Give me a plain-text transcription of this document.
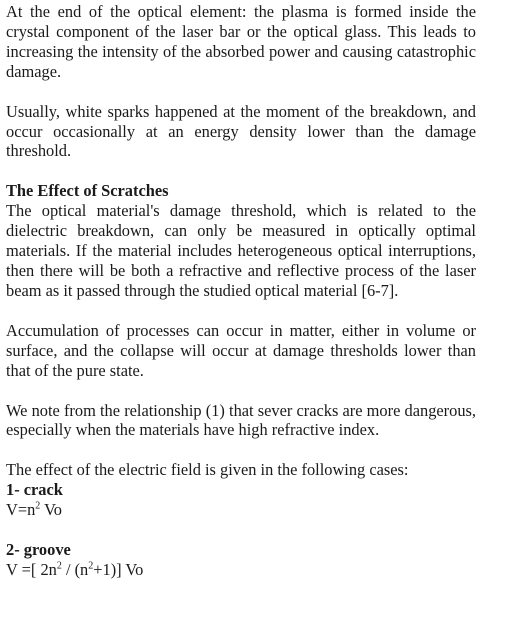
At the end of the optical element: the plasma is formed inside the crystal component of the laser bar or the optical glass. This leads to increasing the intensity of the absorbed power and causing catastrophic damage.

Usually, white sparks happened at the moment of the breakdown, and occur occasionally at an energy density lower than the damage threshold.

The Effect of Scratches

The optical material's damage threshold, which is related to the dielectric breakdown, can only be measured in optically optimal materials. If the material includes heterogeneous optical interruptions, then there will be both a refractive and reflective process of the laser beam as it passed through the studied optical material [6-7].

Accumulation of processes can occur in matter, either in volume or surface, and the collapse will occur at damage thresholds lower than that of the pure state.

We note from the relationship (1) that sever cracks are more dangerous, especially when the materials have high refractive index.

The effect of the electric field is given in the following cases:

1- crack

$V=n^2$ Vo

2- groove

V =[ $2n^2 / (n^2+1)$] Vo
